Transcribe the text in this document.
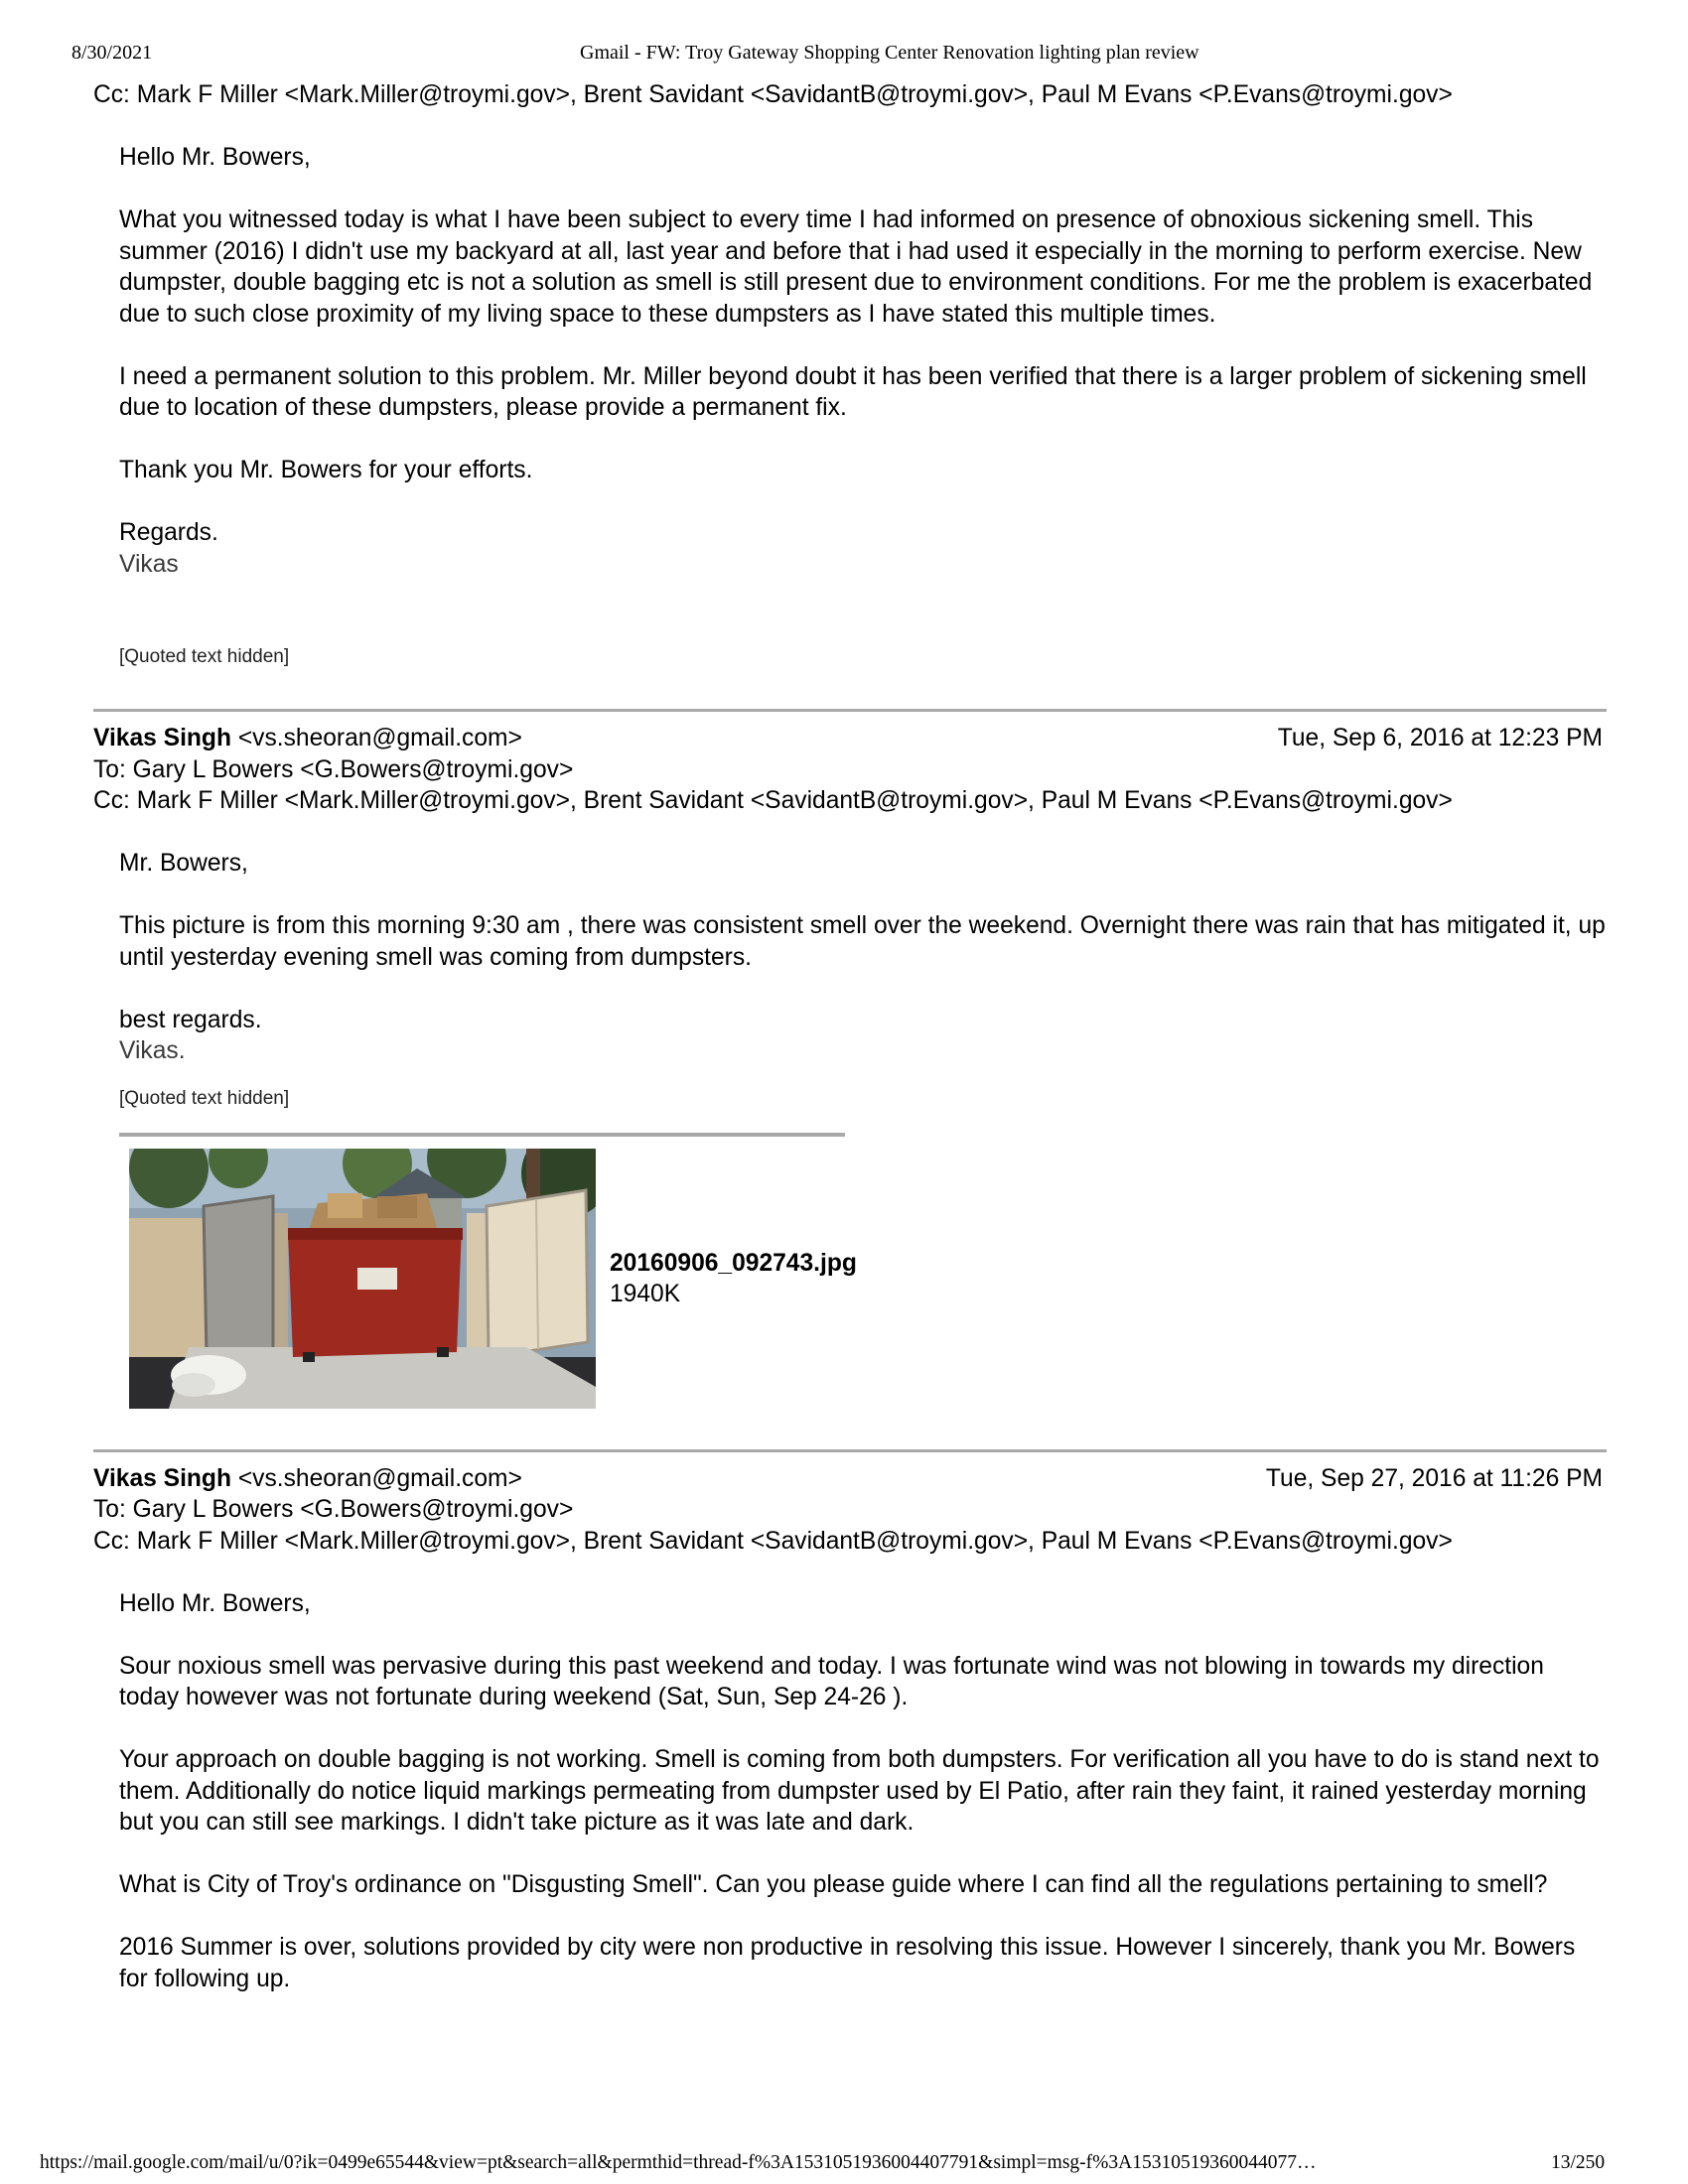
8/30/2021	Gmail - FW: Troy Gateway Shopping Center Renovation lighting plan review
Cc: Mark F Miller <Mark.Miller@troymi.gov>, Brent Savidant <SavidantB@troymi.gov>, Paul M Evans <P.Evans@troymi.gov>
Hello Mr. Bowers,
What you witnessed today is what I have been subject to every time I had informed on presence of obnoxious sickening smell. This summer (2016) I didn't use my backyard at all, last year and before that i had used it especially in the morning to perform exercise. New dumpster, double bagging etc is not a solution as smell is still present due to environment conditions. For me the problem is exacerbated due to such close proximity of my living space to these dumpsters as I have stated this multiple times.
I need a permanent solution to this problem. Mr. Miller beyond doubt it has been verified that there is a larger problem of sickening smell due to location of these dumpsters, please provide a permanent fix.
Thank you Mr. Bowers for your efforts.
Regards.
Vikas
[Quoted text hidden]
Vikas Singh <vs.sheoran@gmail.com>	Tue, Sep 6, 2016 at 12:23 PM
To: Gary L Bowers <G.Bowers@troymi.gov>
Cc: Mark F Miller <Mark.Miller@troymi.gov>, Brent Savidant <SavidantB@troymi.gov>, Paul M Evans <P.Evans@troymi.gov>
Mr. Bowers,
This picture is from this morning 9:30 am , there was consistent smell over the weekend. Overnight there was rain that has mitigated it, up until yesterday evening smell was coming from dumpsters.
best regards.
Vikas.
[Quoted text hidden]
20160906_092743.jpg
1940K
Vikas Singh <vs.sheoran@gmail.com>	Tue, Sep 27, 2016 at 11:26 PM
To: Gary L Bowers <G.Bowers@troymi.gov>
Cc: Mark F Miller <Mark.Miller@troymi.gov>, Brent Savidant <SavidantB@troymi.gov>, Paul M Evans <P.Evans@troymi.gov>
Hello Mr. Bowers,
Sour noxious smell was pervasive during this past weekend and today. I was fortunate wind was not blowing in towards my direction today however was not fortunate during weekend (Sat, Sun, Sep 24-26 ).
Your approach on double bagging is not working. Smell is coming from both dumpsters. For verification all you have to do is stand next to them. Additionally do notice liquid markings permeating from dumpster used by El Patio, after rain they faint, it rained yesterday morning but you can still see markings. I didn't take picture as it was late and dark.
What is City of Troy's ordinance on "Disgusting Smell". Can you please guide where I can find all the regulations pertaining to smell?
2016 Summer is over, solutions provided by city were non productive in resolving this issue. However I sincerely, thank you Mr. Bowers for following up.
https://mail.google.com/mail/u/0?ik=0499e65544&view=pt&search=all&permthid=thread-f%3A1531051936004407791&simpl=msg-f%3A15310519360044077…	13/250
